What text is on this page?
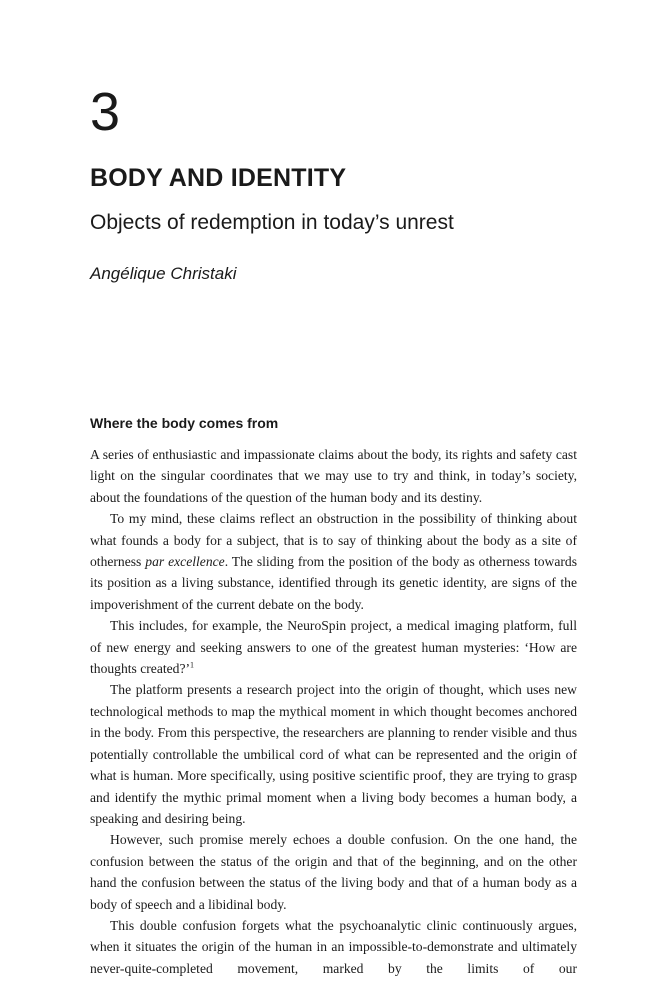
3
BODY AND IDENTITY
Objects of redemption in today’s unrest

Angélique Christaki

Where the body comes from

A series of enthusiastic and impassionate claims about the body, its rights and safety cast light on the singular coordinates that we may use to try and think, in today’s society, about the foundations of the question of the human body and its destiny.

To my mind, these claims reflect an obstruction in the possibility of thinking about what founds a body for a subject, that is to say of thinking about the body as a site of otherness par excellence. The sliding from the position of the body as otherness towards its position as a living substance, identified through its genetic identity, are signs of the impoverishment of the current debate on the body.

This includes, for example, the NeuroSpin project, a medical imaging platform, full of new energy and seeking answers to one of the greatest human mysteries: ‘How are thoughts created?’$^1$

The platform presents a research project into the origin of thought, which uses new technological methods to map the mythical moment in which thought becomes anchored in the body. From this perspective, the researchers are planning to render visible and thus potentially controllable the umbilical cord of what can be represented and the origin of what is human. More specifically, using positive scientific proof, they are trying to grasp and identify the mythic primal moment when a living body becomes a human body, a speaking and desiring being.

However, such promise merely echoes a double confusion. On the one hand, the confusion between the status of the origin and that of the beginning, and on the other hand the confusion between the status of the living body and that of a human body as a body of speech and a libidinal body.

This double confusion forgets what the psychoanalytic clinic continuously argues, when it situates the origin of the human in an impossible-to-demonstrate and ultimately never-quite-completed movement, marked by the limits of our
